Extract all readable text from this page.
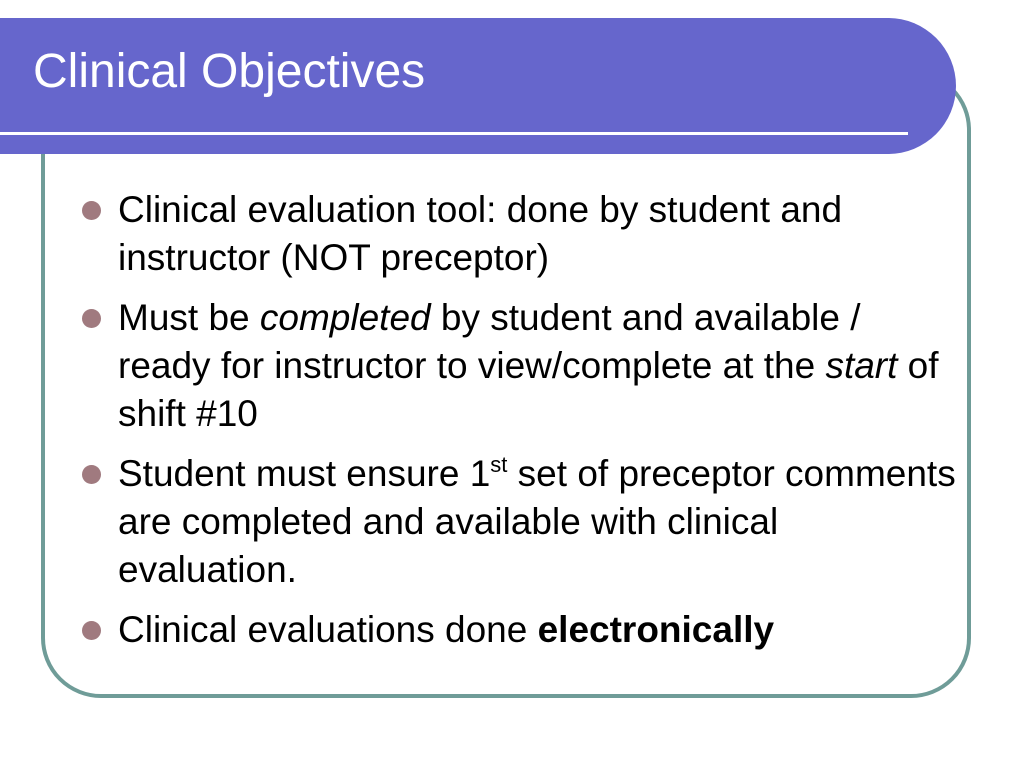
Clinical Objectives
Clinical evaluation tool: done by student and instructor (NOT preceptor)
Must be completed by student and available / ready for instructor to view/complete at the start of shift #10
Student must ensure 1st set of preceptor comments are completed and available with clinical evaluation.
Clinical evaluations done electronically
